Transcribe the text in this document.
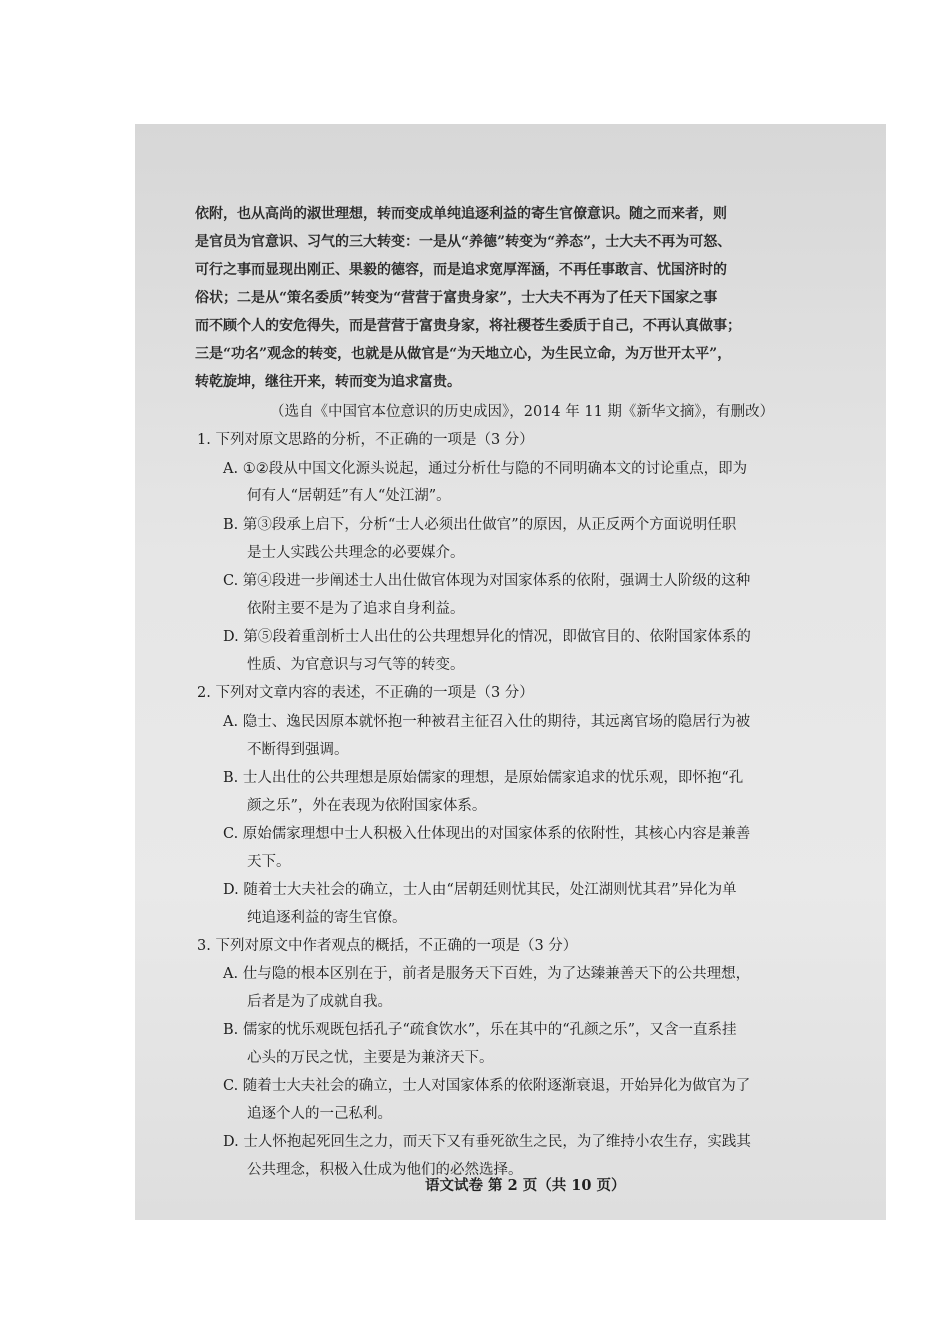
依附，也从高尚的淑世理想，转而变成单纯追逐利益的寄生官僚意识。随之而来者，则
是官员为官意识、习气的三大转变：一是从“养德”转变为“养态”，士大夫不再为可怒、
可行之事而显现出刚正、果毅的德容，而是追求宽厚浑涵，不再任事敢言、忧国济时的
俗状；二是从“策名委质”转变为“营营于富贵身家”，士大夫不再为了任天下国家之事
而不顾个人的安危得失，而是营营于富贵身家，将社稷苍生委质于自己，不再认真做事；
三是“功名”观念的转变，也就是从做官是“为天地立心，为生民立命，为万世开太平”，
转乾旋坤，继往开来，转而变为追求富贵。
（选自《中国官本位意识的历史成因》，2014 年 11 期《新华文摘》，有删改）
1. 下列对原文思路的分析，不正确的一项是（3 分）
A. ①②段从中国文化源头说起，通过分析仕与隐的不同明确本文的讨论重点，即为
何有人“居朝廷”有人“处江湖”。
B. 第③段承上启下，分析“士人必须出仕做官”的原因，从正反两个方面说明任职
是士人实践公共理念的必要媒介。
C. 第④段进一步阐述士人出仕做官体现为对国家体系的依附，强调士人阶级的这种
依附主要不是为了追求自身利益。
D. 第⑤段着重剖析士人出仕的公共理想异化的情况，即做官目的、依附国家体系的
性质、为官意识与习气等的转变。
2. 下列对文章内容的表述，不正确的一项是（3 分）
A. 隐士、逸民因原本就怀抱一种被君主征召入仕的期待，其远离官场的隐居行为被
不断得到强调。
B. 士人出仕的公共理想是原始儒家的理想，是原始儒家追求的忧乐观，即怀抱“孔
颜之乐”，外在表现为依附国家体系。
C. 原始儒家理想中士人积极入仕体现出的对国家体系的依附性，其核心内容是兼善
天下。
D. 随着士大夫社会的确立，士人由“居朝廷则忧其民，处江湖则忧其君”异化为单
纯追逐利益的寄生官僚。
3. 下列对原文中作者观点的概括，不正确的一项是（3 分）
A. 仕与隐的根本区别在于，前者是服务天下百姓，为了达臻兼善天下的公共理想，
后者是为了成就自我。
B. 儒家的忧乐观既包括孔子“疏食饮水”，乐在其中的“孔颜之乐”，又含一直系挂
心头的万民之忧，主要是为兼济天下。
C. 随着士大夫社会的确立，士人对国家体系的依附逐渐衰退，开始异化为做官为了
追逐个人的一己私利。
D. 士人怀抱起死回生之力，而天下又有垂死欲生之民，为了维持小农生存，实践其
公共理念，积极入仕成为他们的必然选择。
语文试卷 第 2 页（共 10 页）
